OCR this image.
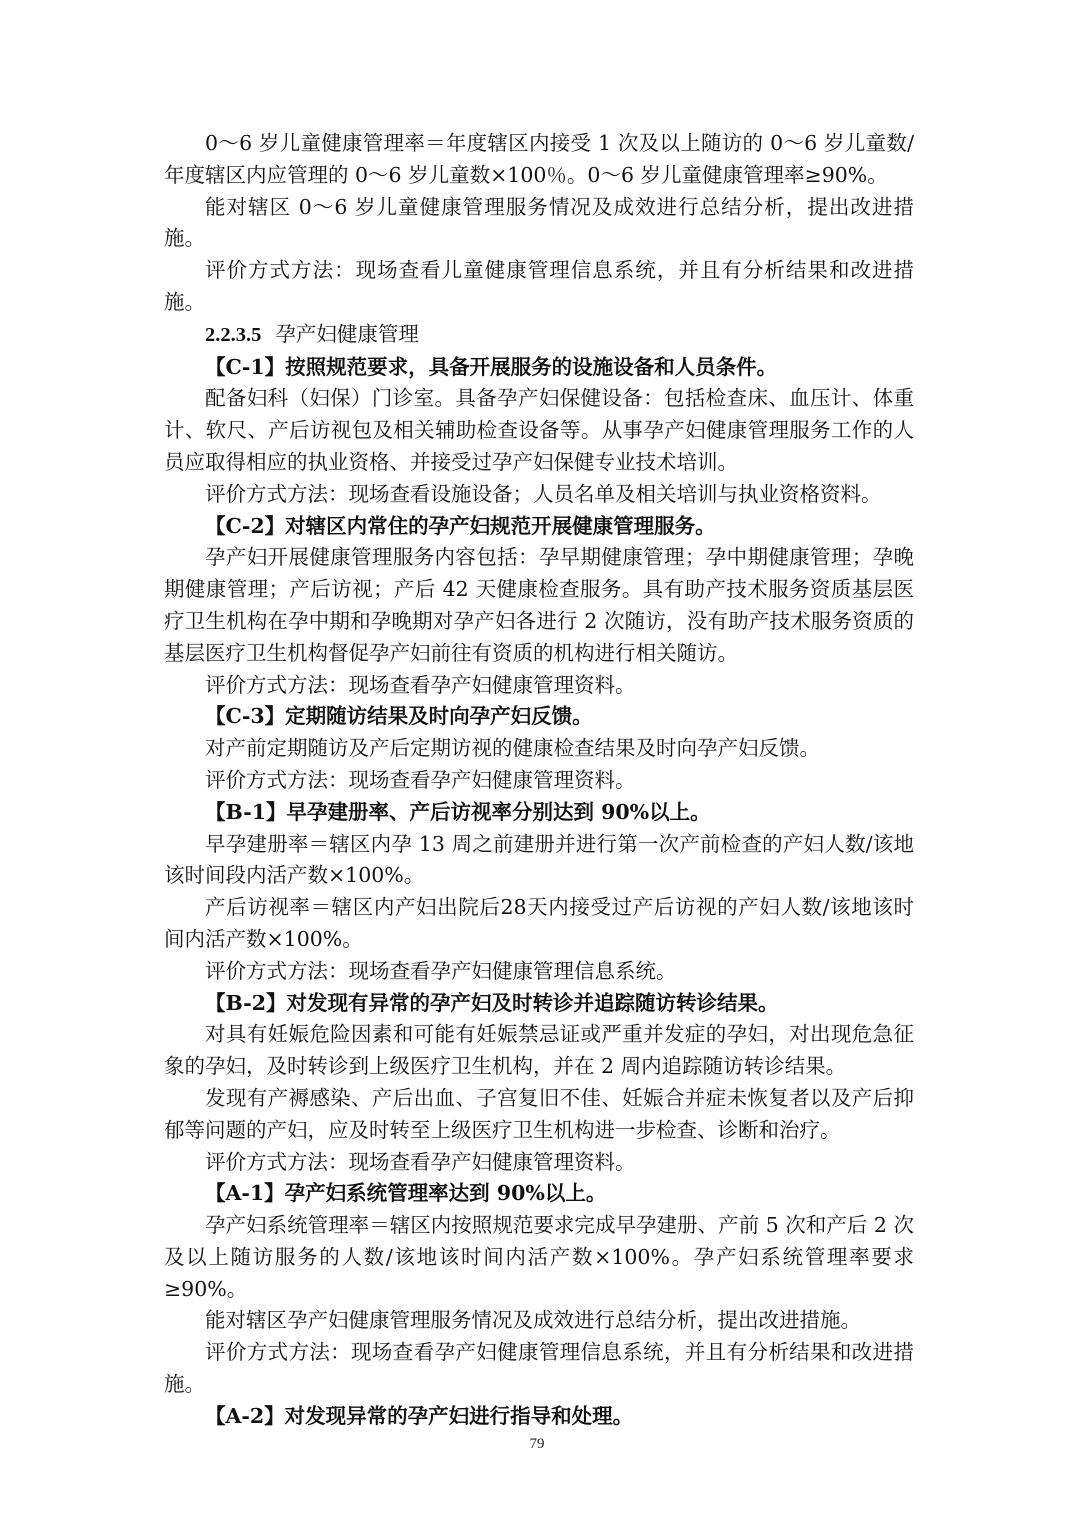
0～6 岁儿童健康管理率＝年度辖区内接受 1 次及以上随访的 0～6 岁儿童数/年度辖区内应管理的 0～6 岁儿童数×100％。0～6 岁儿童健康管理率≥90%。

能对辖区 0～6 岁儿童健康管理服务情况及成效进行总结分析，提出改进措施。

评价方式方法：现场查看儿童健康管理信息系统，并且有分析结果和改进措施。

2.2.3.5 孕产妇健康管理

【C-1】按照规范要求，具备开展服务的设施设备和人员条件。

配备妇科（妇保）门诊室。具备孕产妇保健设备：包括检查床、血压计、体重计、软尺、产后访视包及相关辅助检查设备等。从事孕产妇健康管理服务工作的人员应取得相应的执业资格、并接受过孕产妇保健专业技术培训。

评价方式方法：现场查看设施设备；人员名单及相关培训与执业资格资料。

【C-2】对辖区内常住的孕产妇规范开展健康管理服务。

孕产妇开展健康管理服务内容包括：孕早期健康管理；孕中期健康管理；孕晚期健康管理；产后访视；产后 42 天健康检查服务。具有助产技术服务资质基层医疗卫生机构在孕中期和孕晚期对孕产妇各进行 2 次随访，没有助产技术服务资质的基层医疗卫生机构督促孕产妇前往有资质的机构进行相关随访。

评价方式方法：现场查看孕产妇健康管理资料。

【C-3】定期随访结果及时向孕产妇反馈。

对产前定期随访及产后定期访视的健康检查结果及时向孕产妇反馈。

评价方式方法：现场查看孕产妇健康管理资料。

【B-1】早孕建册率、产后访视率分别达到 90%以上。

早孕建册率＝辖区内孕 13 周之前建册并进行第一次产前检查的产妇人数/该地该时间段内活产数×100%。

产后访视率＝辖区内产妇出院后28天内接受过产后访视的产妇人数/该地该时间内活产数×100%。

评价方式方法：现场查看孕产妇健康管理信息系统。

【B-2】对发现有异常的孕产妇及时转诊并追踪随访转诊结果。

对具有妊娠危险因素和可能有妊娠禁忌证或严重并发症的孕妇，对出现危急征象的孕妇，及时转诊到上级医疗卫生机构，并在 2 周内追踪随访转诊结果。

发现有产褥感染、产后出血、子宫复旧不佳、妊娠合并症未恢复者以及产后抑郁等问题的产妇，应及时转至上级医疗卫生机构进一步检查、诊断和治疗。

评价方式方法：现场查看孕产妇健康管理资料。

【A-1】孕产妇系统管理率达到 90%以上。

孕产妇系统管理率＝辖区内按照规范要求完成早孕建册、产前 5 次和产后 2 次及以上随访服务的人数/该地该时间内活产数×100%。孕产妇系统管理率要求≥90%。

能对辖区孕产妇健康管理服务情况及成效进行总结分析，提出改进措施。

评价方式方法：现场查看孕产妇健康管理信息系统，并且有分析结果和改进措施。

【A-2】对发现异常的孕产妇进行指导和处理。

79
